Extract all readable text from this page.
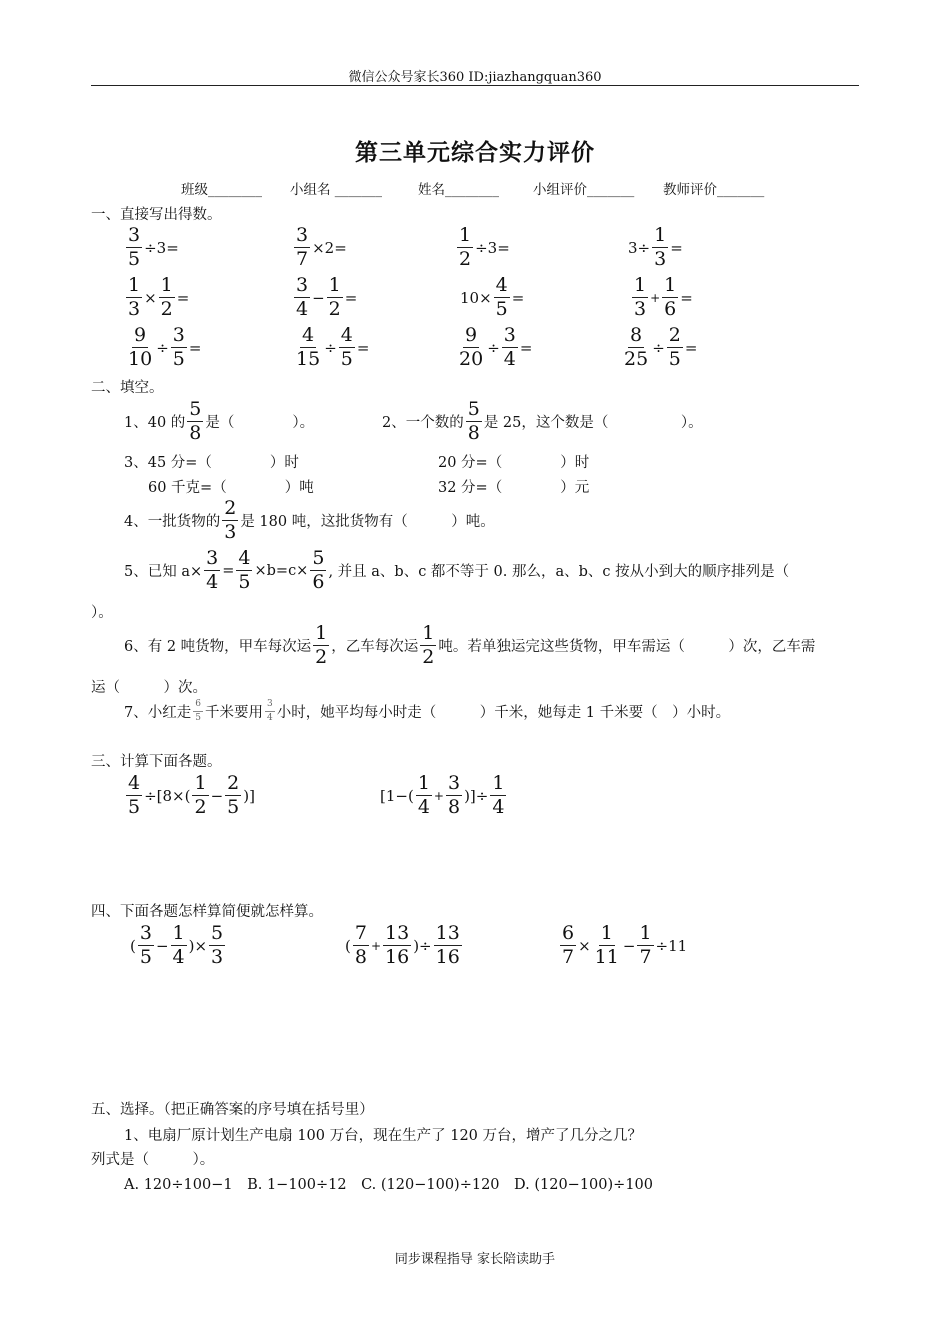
微信公众号家长360 ID:jiazhangquan360
第三单元综合实力评价
班级________ 小组名 _______	姓名________	小组评价_______ 教师评价_______
一、直接写出得数。
$\frac{3}{5} \div 3=$	$\frac{3}{7} \times 2=$	$\frac{1}{2} \div 3=$	$3\div \frac{1}{3}$ =
$\frac{1}{3} \times \frac{1}{2}$ =	$\frac{3}{4} - \frac{1}{2}$ =	$10\times \frac{4}{5}$ =	$\frac{1}{3} + \frac{1}{6}$ =
$\frac{9}{10} \div \frac{3}{5}$ =	$\frac{4}{15} \div \frac{4}{5}$ =	$\frac{9}{20} \div \frac{3}{4}$ =	$\frac{8}{25} \div \frac{2}{5}$ =
二、填空。
1、40 的 $\frac{5}{8}$ 是（　　　　）。	2、一个数的 $\frac{5}{8}$ 是 25，这个数是（　　　　　）。
3、45 分=（　　　　）时	20 分=（　　　　）时
60 千克=（　　　　）吨	32 分=（　　　　）元
4、一批货物的 $\frac{2}{3}$ 是 180 吨，这批货物有（　　　）吨。
5、已知 $a\times \frac{3}{4} = \frac{4}{5} \times b=c\times \frac{5}{6}$ , 并且 a、b、c 都不等于 0. 那么，a、b、c 按从小到大的顺序排列是（
）。
6、有 2 吨货物，甲车每次运 $\frac{1}{2}$ ，乙车每次运 $\frac{1}{2}$ 吨。若单独运完这些货物，甲车需运（　　　）次，乙车需
运（　　　）次。
7、小红走 $\frac{6}{5}$ 千米要用 $\frac{3}{4}$ 小时，她平均每小时走（　　　）千米，她每走 1 千米要（　）小时。
三、计算下面各题。
$\frac{4}{5} \div[8\times( \frac{1}{2} - \frac{2}{5}$ )]	[$1-( \frac{1}{4} + \frac{3}{8}$ )]÷ $\frac{1}{4}$
四、下面各题怎样算简便就怎样算。
( $\frac{3}{5} - \frac{1}{4}$ )× $\frac{5}{3}$	( $\frac{7}{8} + \frac{13}{16}$ )÷ $\frac{13}{16}$	$\frac{6}{7} \times \frac{1}{11} - \frac{1}{7} \div 11$
五、选择。（把正确答案的序号填在括号里）
1、电扇厂原计划生产电扇 100 万台，现在生产了 120 万台，增产了几分之几？
列式是（　　　）。
A. 120÷100−1　B. 1−100÷12　C. (120−100)÷120　D. (120−100)÷100
同步课程指导 家长陪读助手
